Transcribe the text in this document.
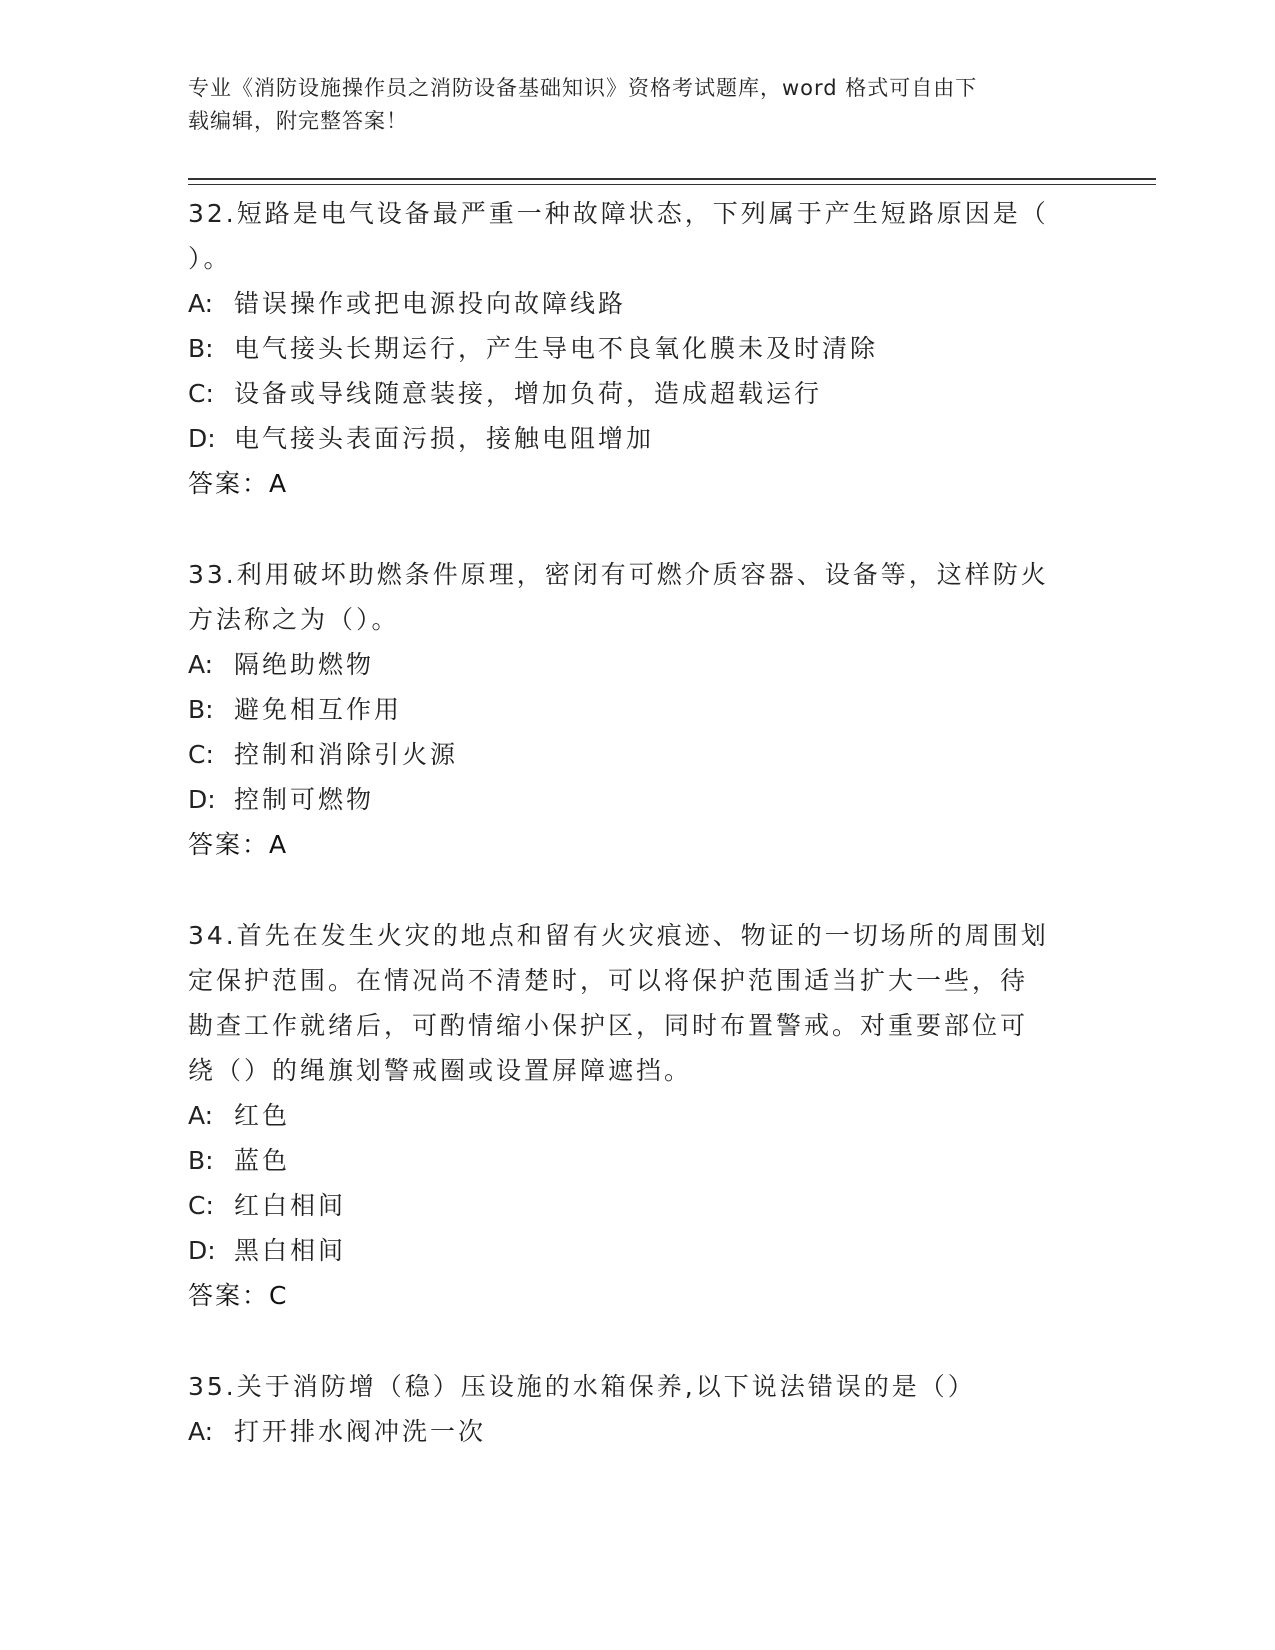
专业《消防设施操作员之消防设备基础知识》资格考试题库，word 格式可自由下
载编辑，附完整答案！

32.短路是电气设备最严重一种故障状态，下列属于产生短路原因是（

）。

A: 错误操作或把电源投向故障线路

B: 电气接头长期运行，产生导电不良氧化膜未及时清除

C: 设备或导线随意装接，增加负荷，造成超载运行

D: 电气接头表面污损，接触电阻增加

答案：A

33.利用破坏助燃条件原理，密闭有可燃介质容器、设备等，这样防火

方法称之为（）。

A: 隔绝助燃物

B: 避免相互作用

C: 控制和消除引火源

D: 控制可燃物

答案：A

34.首先在发生火灾的地点和留有火灾痕迹、物证的一切场所的周围划

定保护范围。在情况尚不清楚时，可以将保护范围适当扩大一些，待

勘查工作就绪后，可酌情缩小保护区，同时布置警戒。对重要部位可

绕（）的绳旗划警戒圈或设置屏障遮挡。

A: 红色

B: 蓝色

C: 红白相间

D: 黑白相间

答案：C

35.关于消防增（稳）压设施的水箱保养,以下说法错误的是（）

A: 打开排水阀冲洗一次
